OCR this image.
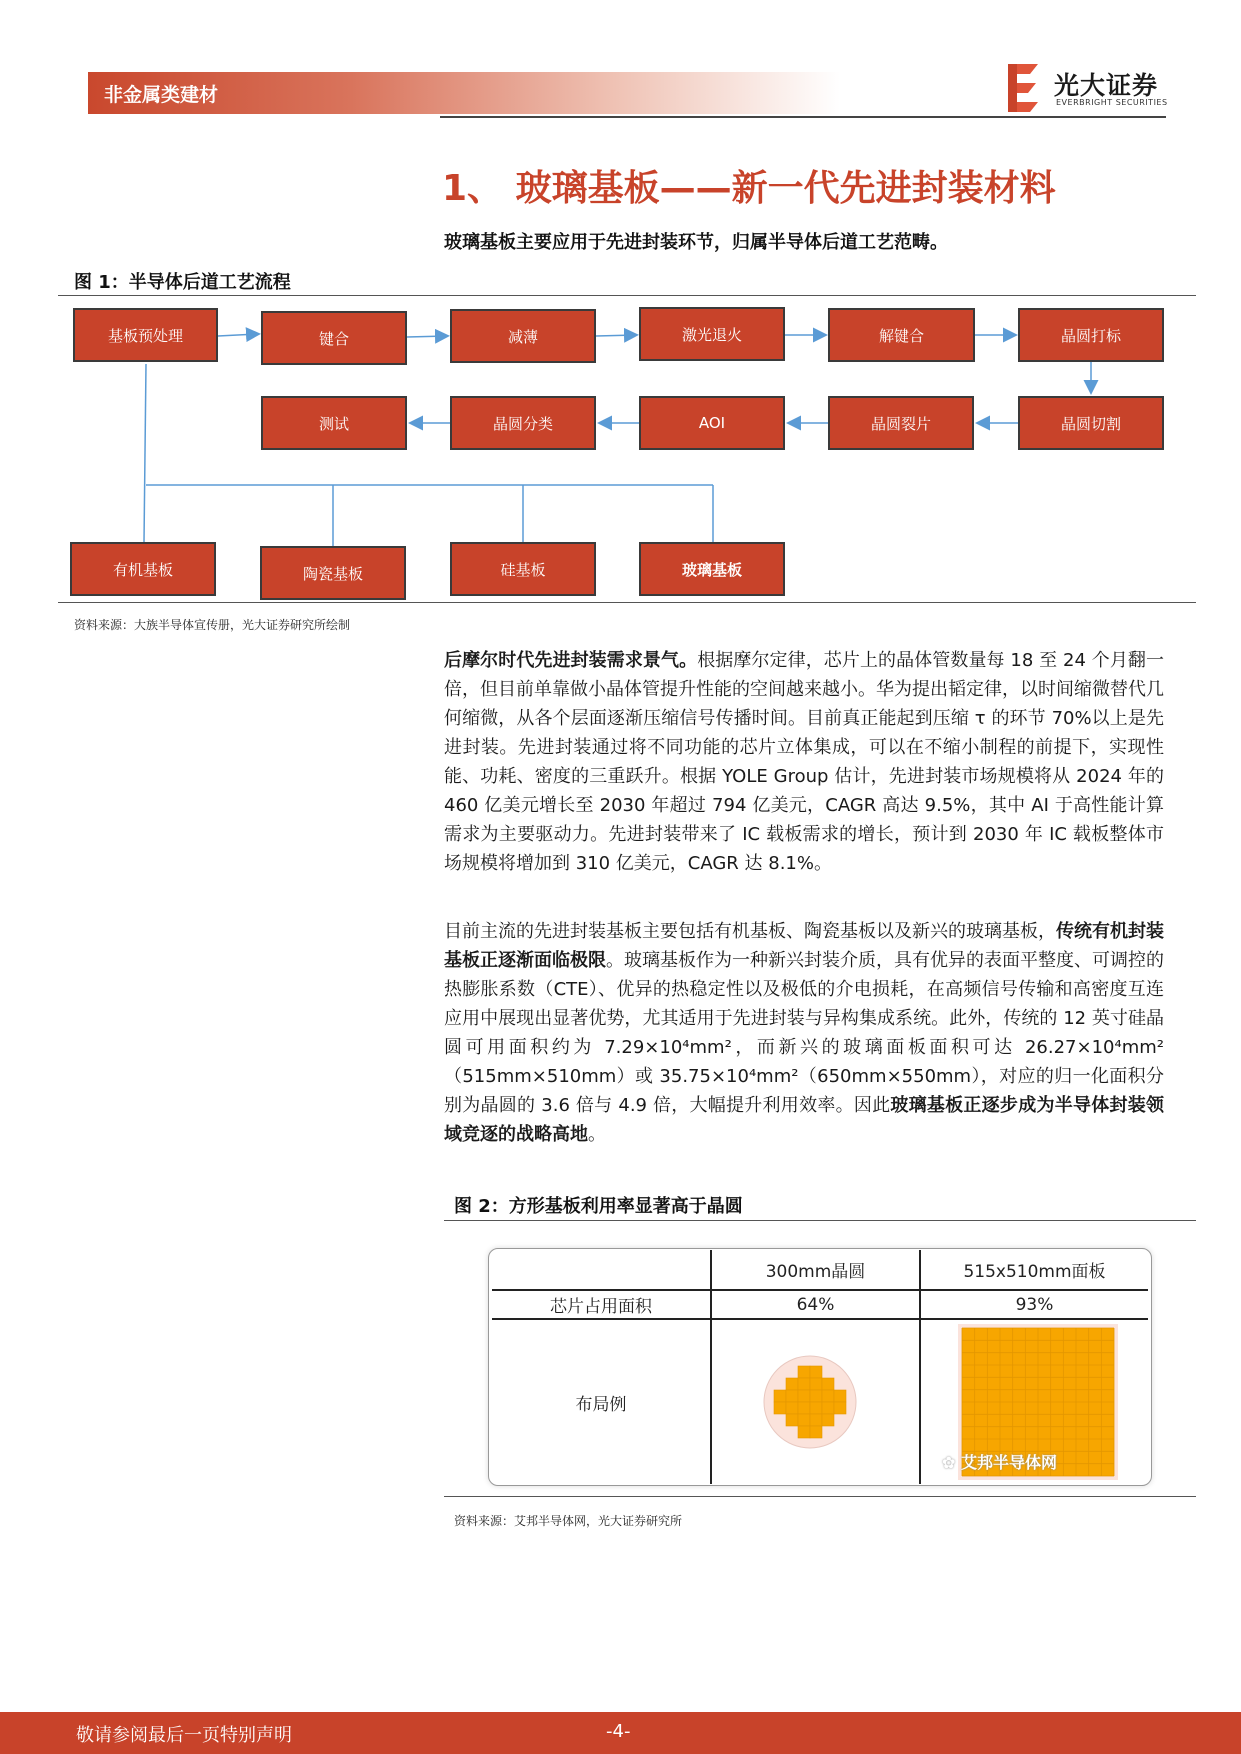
非金属类建材	光大证券
EVERBRIGHT SECURITIES
1、 玻璃基板——新一代先进封装材料
玻璃基板主要应用于先进封装环节，归属半导体后道工艺范畴。
图 1：半导体后道工艺流程
基板预处理	键合	减薄	激光退火	解键合	晶圆打标
测试	晶圆分类	AOI	晶圆裂片	晶圆切割
有机基板	陶瓷基板	硅基板	玻璃基板
资料来源：大族半导体宣传册，光大证券研究所绘制
后摩尔时代先进封装需求景气。根据摩尔定律，芯片上的晶体管数量每 18 至 24 个月翻一倍，但目前单靠做小晶体管提升性能的空间越来越小。华为提出韬定律，以时间缩微替代几何缩微，从各个层面逐渐压缩信号传播时间。目前真正能起到压缩 τ 的环节 70%以上是先进封装。先进封装通过将不同功能的芯片立体集成，可以在不缩小制程的前提下，实现性能、功耗、密度的三重跃升。根据 YOLE Group 估计，先进封装市场规模将从 2024 年的 460 亿美元增长至 2030 年超过 794 亿美元，CAGR 高达 9.5%，其中 AI 于高性能计算需求为主要驱动力。先进封装带来了 IC 载板需求的增长，预计到 2030 年 IC 载板整体市场规模将增加到 310 亿美元，CAGR 达 8.1%。
目前主流的先进封装基板主要包括有机基板、陶瓷基板以及新兴的玻璃基板，传统有机封装基板正逐渐面临极限。玻璃基板作为一种新兴封装介质，具有优异的表面平整度、可调控的热膨胀系数（CTE）、优异的热稳定性以及极低的介电损耗，在高频信号传输和高密度互连应用中展现出显著优势，尤其适用于先进封装与异构集成系统。此外，传统的 12 英寸硅晶圆可用面积约为 7.29×10⁴mm²，而新兴的玻璃面板面积可达 26.27×10⁴mm²（515mm×510mm）或 35.75×10⁴mm²（650mm×550mm），对应的归一化面积分别为晶圆的 3.6 倍与 4.9 倍，大幅提升利用效率。因此玻璃基板正逐步成为半导体封装领域竞逐的战略高地。
图 2：方形基板利用率显著高于晶圆
300mm晶圆	515x510mm面板
芯片占用面积	64%	93%
布局例
✿ 艾邦半导体网
资料来源：艾邦半导体网，光大证券研究所
敬请参阅最后一页特别声明	-4-
